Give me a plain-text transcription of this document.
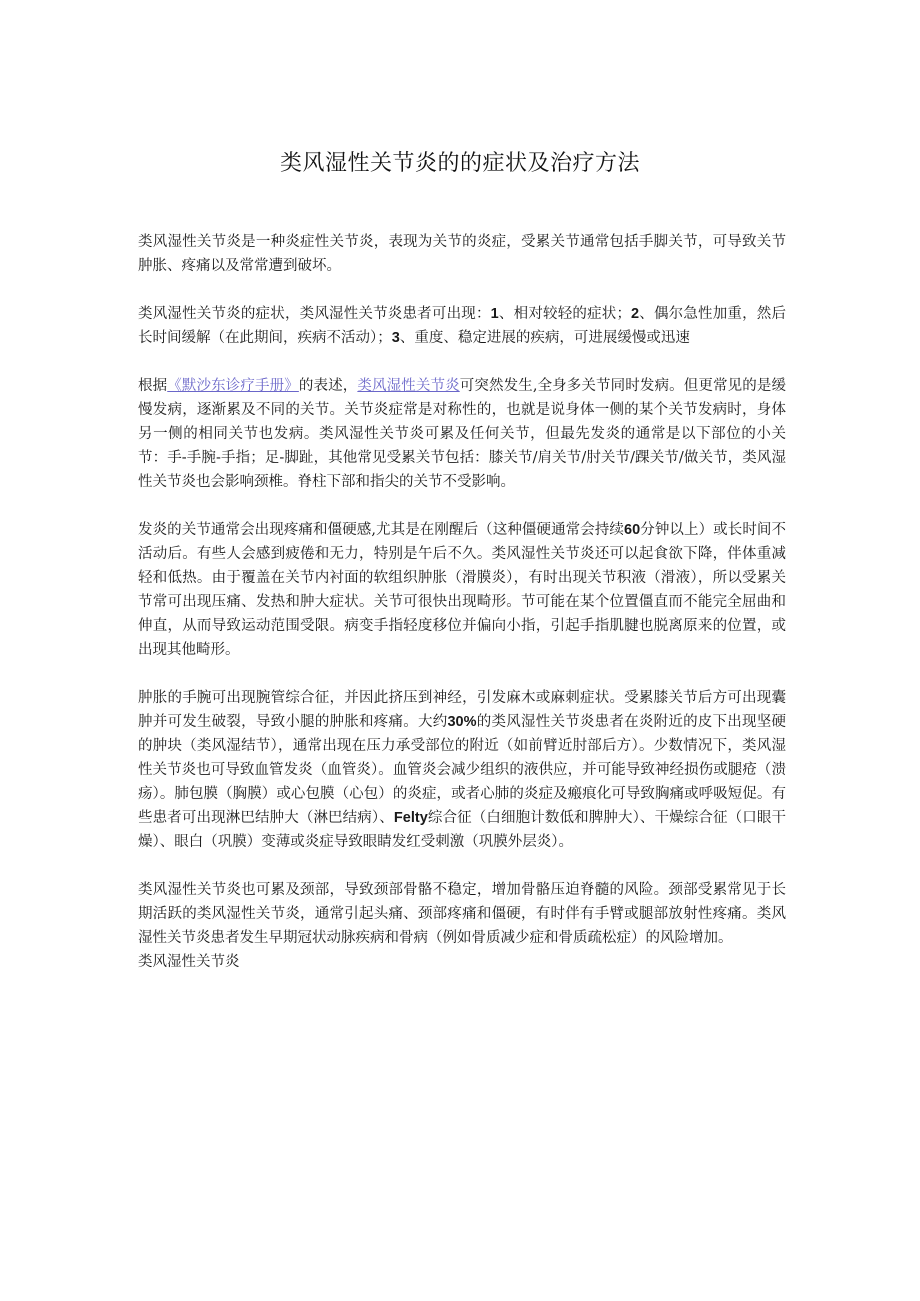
类风湿性关节炎的的症状及治疗方法

类风湿性关节炎是一种炎症性关节炎，表现为关节的炎症，受累关节通常包括手脚关节，可导致关节肿胀、疼痛以及常常遭到破坏。

类风湿性关节炎的症状，类风湿性关节炎患者可出现：1、相对较轻的症状；2、偶尔急性加重，然后长时间缓解（在此期间，疾病不活动）；3、重度、稳定进展的疾病，可进展缓慢或迅速

根据《默沙东诊疗手册》的表述，类风湿性关节炎可突然发生,全身多关节同时发病。但更常见的是缓慢发病，逐渐累及不同的关节。关节炎症常是对称性的，也就是说身体一侧的某个关节发病时，身体另一侧的相同关节也发病。类风湿性关节炎可累及任何关节，但最先发炎的通常是以下部位的小关节：手-手腕-手指；足-脚趾，其他常见受累关节包括：膝关节/肩关节/肘关节/踝关节/做关节，类风湿性关节炎也会影响颈椎。脊柱下部和指尖的关节不受影响。

发炎的关节通常会出现疼痛和僵硬感,尤其是在刚醒后（这种僵硬通常会持续60分钟以上）或长时间不活动后。有些人会感到疲倦和无力，特别是午后不久。类风湿性关节炎还可以起食欲下降，伴体重减轻和低热。由于覆盖在关节内衬面的软组织肿胀（滑膜炎），有时出现关节积液（滑液），所以受累关节常可出现压痛、发热和肿大症状。关节可很快出现畸形。节可能在某个位置僵直而不能完全屈曲和伸直，从而导致运动范围受限。病变手指轻度移位并偏向小指，引起手指肌腱也脱离原来的位置，或出现其他畸形。

肿胀的手腕可出现腕管综合征，并因此挤压到神经，引发麻木或麻刺症状。受累膝关节后方可出现囊肿并可发生破裂，导致小腿的肿胀和疼痛。大约30%的类风湿性关节炎患者在炎附近的皮下出现坚硬的肿块（类风湿结节），通常出现在压力承受部位的附近（如前臂近肘部后方）。少数情况下，类风湿性关节炎也可导致血管发炎（血管炎）。血管炎会减少组织的液供应，并可能导致神经损伤或腿疮（溃疡）。肺包膜（胸膜）或心包膜（心包）的炎症，或者心肺的炎症及瘢痕化可导致胸痛或呼吸短促。有些患者可出现淋巴结肿大（淋巴结病）、Felty综合征（白细胞计数低和脾肿大）、干燥综合征（口眼干燥）、眼白（巩膜）变薄或炎症导致眼睛发红受刺激（巩膜外层炎）。

类风湿性关节炎也可累及颈部，导致颈部骨骼不稳定，增加骨骼压迫脊髓的风险。颈部受累常见于长期活跃的类风湿性关节炎，通常引起头痛、颈部疼痛和僵硬，有时伴有手臂或腿部放射性疼痛。类风湿性关节炎患者发生早期冠状动脉疾病和骨病（例如骨质减少症和骨质疏松症）的风险增加。

类风湿性关节炎
